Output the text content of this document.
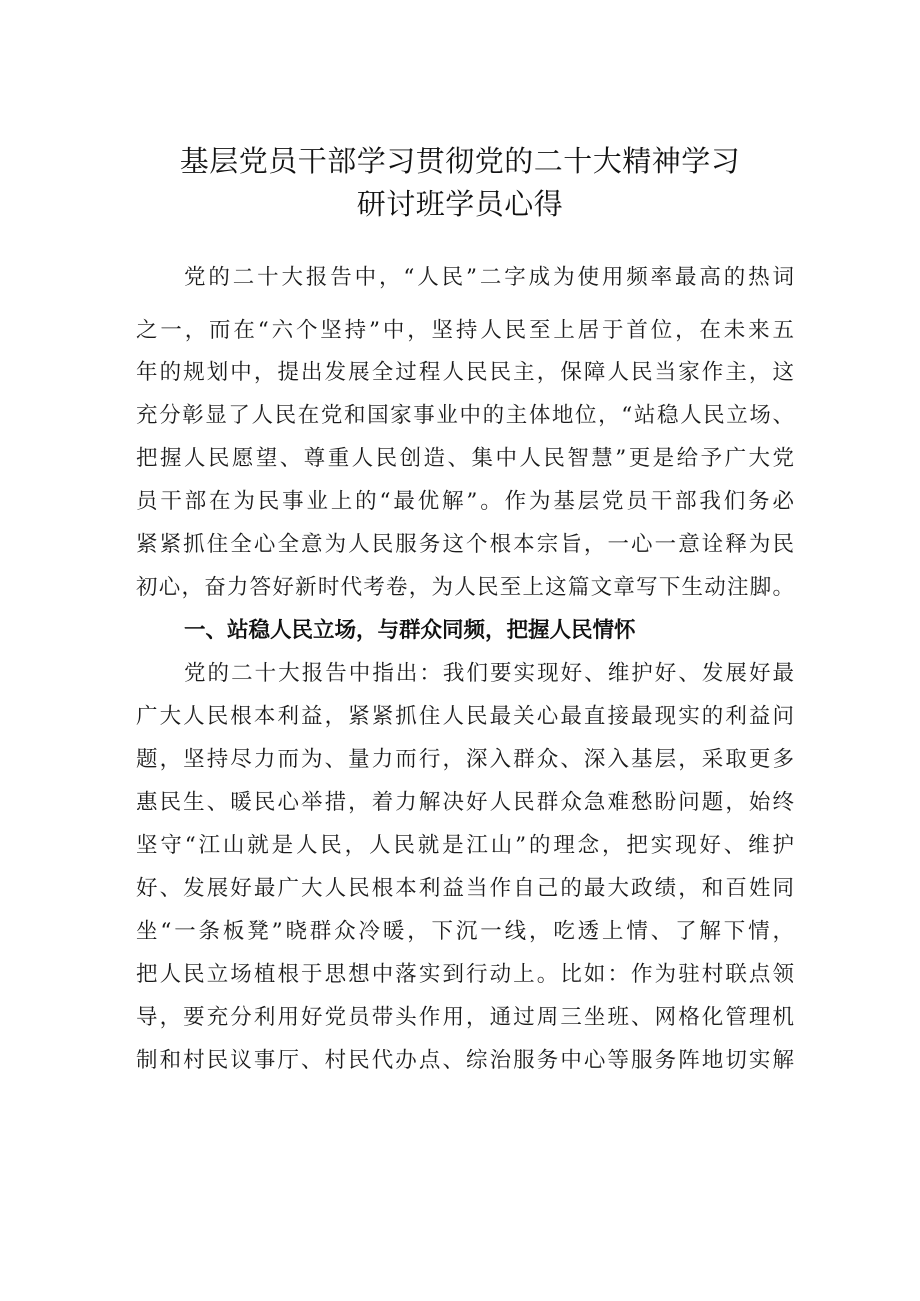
基层党员干部学习贯彻党的二十大精神学习
研讨班学员心得
党的二十大报告中，“人民”二字成为使用频率最高的热词
之一，而在“六个坚持”中，坚持人民至上居于首位，在未来五
年的规划中，提出发展全过程人民民主，保障人民当家作主，这
充分彰显了人民在党和国家事业中的主体地位，“站稳人民立场、
把握人民愿望、尊重人民创造、集中人民智慧”更是给予广大党
员干部在为民事业上的“最优解”。作为基层党员干部我们务必
紧紧抓住全心全意为人民服务这个根本宗旨，一心一意诠释为民
初心，奋力答好新时代考卷，为人民至上这篇文章写下生动注脚。
一、站稳人民立场，与群众同频，把握人民情怀
党的二十大报告中指出：我们要实现好、维护好、发展好最
广大人民根本利益，紧紧抓住人民最关心最直接最现实的利益问
题，坚持尽力而为、量力而行，深入群众、深入基层，采取更多
惠民生、暖民心举措，着力解决好人民群众急难愁盼问题，始终
坚守“江山就是人民，人民就是江山”的理念，把实现好、维护
好、发展好最广大人民根本利益当作自己的最大政绩，和百姓同
坐“一条板凳”晓群众冷暖，下沉一线，吃透上情、了解下情，
把人民立场植根于思想中落实到行动上。比如：作为驻村联点领
导，要充分利用好党员带头作用，通过周三坐班、网格化管理机
制和村民议事厅、村民代办点、综治服务中心等服务阵地切实解
